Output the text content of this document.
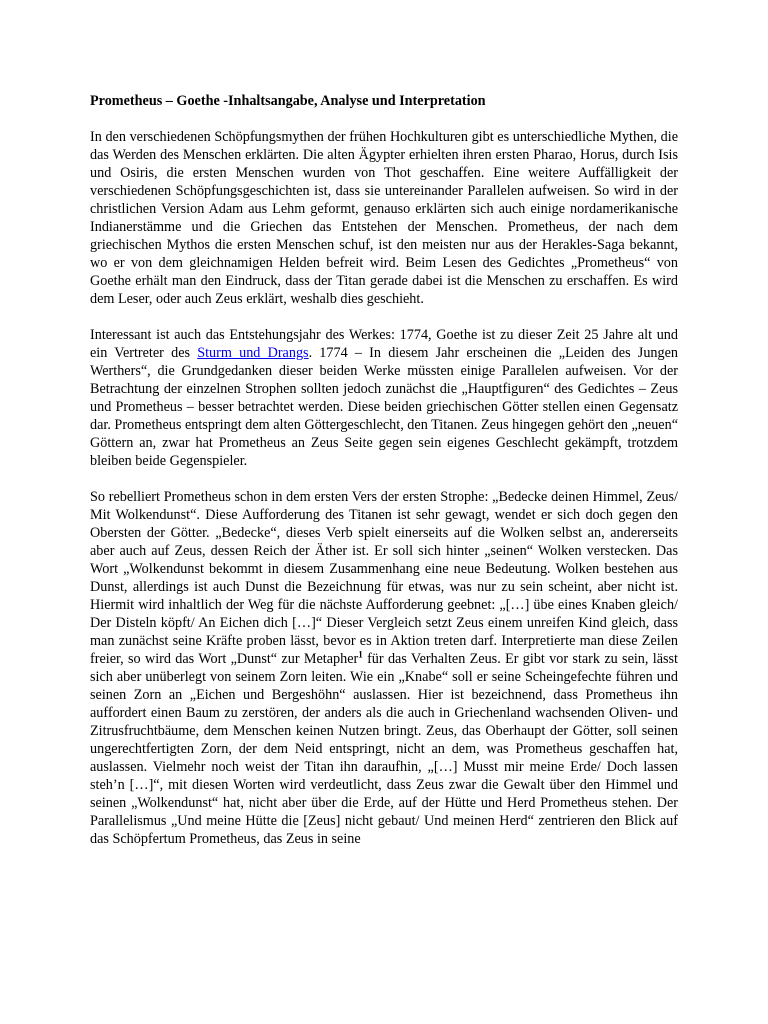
Prometheus – Goethe -Inhaltsangabe, Analyse und Interpretation

In den verschiedenen Schöpfungsmythen der frühen Hochkulturen gibt es unterschiedliche Mythen, die das Werden des Menschen erklärten. Die alten Ägypter erhielten ihren ersten Pharao, Horus, durch Isis und Osiris, die ersten Menschen wurden von Thot geschaffen. Eine weitere Auffälligkeit der verschiedenen Schöpfungsgeschichten ist, dass sie untereinander Parallelen aufweisen. So wird in der christlichen Version Adam aus Lehm geformt, genauso erklärten sich auch einige nordamerikanische Indianerstämme und die Griechen das Entstehen der Menschen. Prometheus, der nach dem griechischen Mythos die ersten Menschen schuf, ist den meisten nur aus der Herakles-Saga bekannt, wo er von dem gleichnamigen Helden befreit wird. Beim Lesen des Gedichtes „Prometheus“ von Goethe erhält man den Eindruck, dass der Titan gerade dabei ist die Menschen zu erschaffen. Es wird dem Leser, oder auch Zeus erklärt, weshalb dies geschieht.

Interessant ist auch das Entstehungsjahr des Werkes: 1774, Goethe ist zu dieser Zeit 25 Jahre alt und ein Vertreter des Sturm und Drangs. 1774 – In diesem Jahr erscheinen die „Leiden des Jungen Werthers“, die Grundgedanken dieser beiden Werke müssten einige Parallelen aufweisen. Vor der Betrachtung der einzelnen Strophen sollten jedoch zunächst die „Hauptfiguren“ des Gedichtes – Zeus und Prometheus – besser betrachtet werden. Diese beiden griechischen Götter stellen einen Gegensatz dar. Prometheus entspringt dem alten Göttergeschlecht, den Titanen. Zeus hingegen gehört den „neuen“ Göttern an, zwar hat Prometheus an Zeus Seite gegen sein eigenes Geschlecht gekämpft, trotzdem bleiben beide Gegenspieler.

So rebelliert Prometheus schon in dem ersten Vers der ersten Strophe: „Bedecke deinen Himmel, Zeus/ Mit Wolkendunst“. Diese Aufforderung des Titanen ist sehr gewagt, wendet er sich doch gegen den Obersten der Götter. „Bedecke“, dieses Verb spielt einerseits auf die Wolken selbst an, andererseits aber auch auf Zeus, dessen Reich der Äther ist. Er soll sich hinter „seinen“ Wolken verstecken. Das Wort „Wolkendunst bekommt in diesem Zusammenhang eine neue Bedeutung. Wolken bestehen aus Dunst, allerdings ist auch Dunst die Bezeichnung für etwas, was nur zu sein scheint, aber nicht ist. Hiermit wird inhaltlich der Weg für die nächste Aufforderung geebnet: „[…] übe eines Knaben gleich/ Der Disteln köpft/ An Eichen dich […]“ Dieser Vergleich setzt Zeus einem unreifen Kind gleich, dass man zunächst seine Kräfte proben lässt, bevor es in Aktion treten darf. Interpretierte man diese Zeilen freier, so wird das Wort „Dunst“ zur Metapher$^1$ für das Verhalten Zeus. Er gibt vor stark zu sein, lässt sich aber unüberlegt von seinem Zorn leiten. Wie ein „Knabe“ soll er seine Scheingefechte führen und seinen Zorn an „Eichen und Bergeshöhn“ auslassen. Hier ist bezeichnend, dass Prometheus ihn auffordert einen Baum zu zerstören, der anders als die auch in Griechenland wachsenden Oliven- und Zitrusfruchtbäume, dem Menschen keinen Nutzen bringt. Zeus, das Oberhaupt der Götter, soll seinen ungerechtfertigten Zorn, der dem Neid entspringt, nicht an dem, was Prometheus geschaffen hat, auslassen. Vielmehr noch weist der Titan ihn daraufhin, „[…] Musst mir meine Erde/ Doch lassen steh’n […]“, mit diesen Worten wird verdeutlicht, dass Zeus zwar die Gewalt über den Himmel und seinen „Wolkendunst“ hat, nicht aber über die Erde, auf der Hütte und Herd Prometheus stehen. Der Parallelismus „Und meine Hütte die [Zeus] nicht gebaut/ Und meinen Herd“ zentrieren den Blick auf das Schöpfertum Prometheus, das Zeus in seine
